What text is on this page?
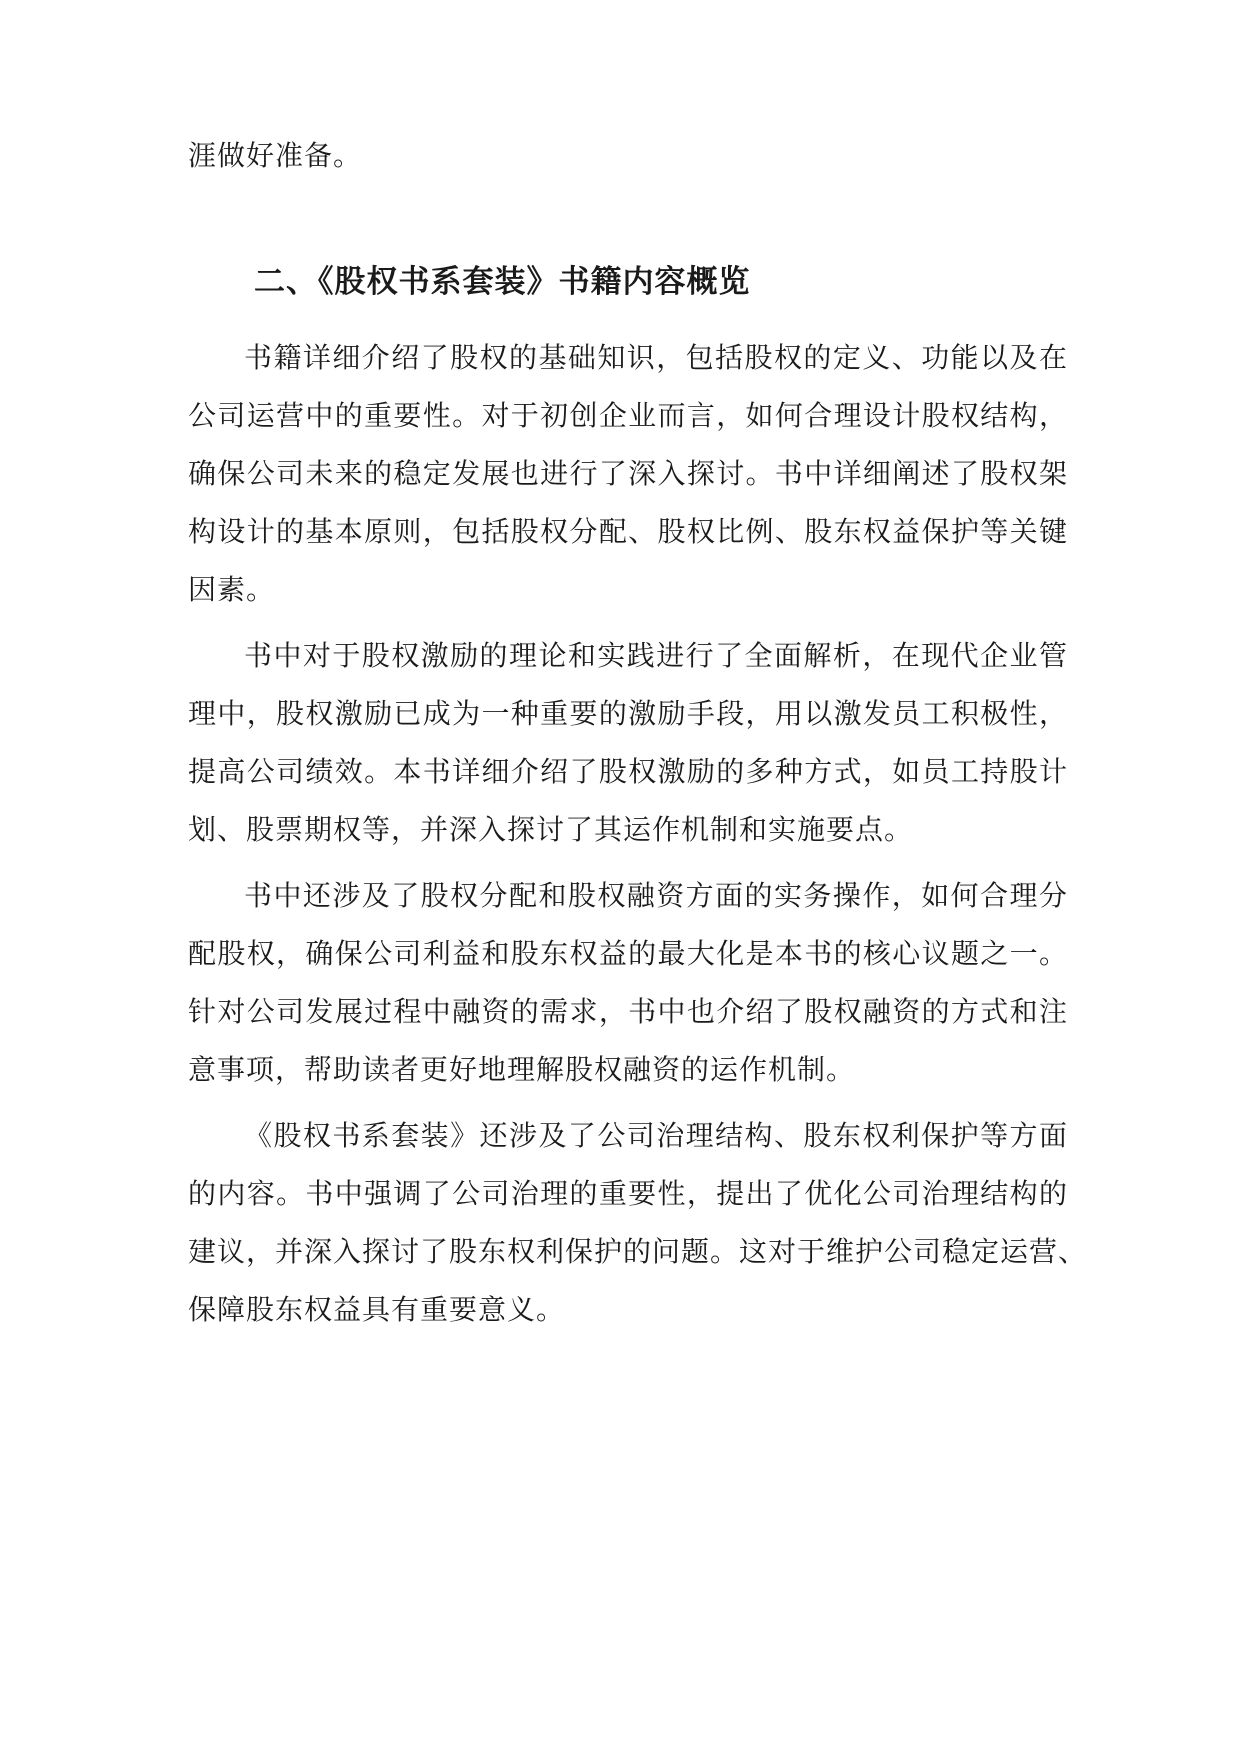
涯做好准备。
二、《股权书系套装》书籍内容概览
书籍详细介绍了股权的基础知识，包括股权的定义、功能以及在
公司运营中的重要性。对于初创企业而言，如何合理设计股权结构，
确保公司未来的稳定发展也进行了深入探讨。书中详细阐述了股权架
构设计的基本原则，包括股权分配、股权比例、股东权益保护等关键
因素。
书中对于股权激励的理论和实践进行了全面解析，在现代企业管
理中，股权激励已成为一种重要的激励手段，用以激发员工积极性，
提高公司绩效。本书详细介绍了股权激励的多种方式，如员工持股计
划、股票期权等，并深入探讨了其运作机制和实施要点。
书中还涉及了股权分配和股权融资方面的实务操作，如何合理分
配股权，确保公司利益和股东权益的最大化是本书的核心议题之一。
针对公司发展过程中融资的需求，书中也介绍了股权融资的方式和注
意事项，帮助读者更好地理解股权融资的运作机制。
《股权书系套装》还涉及了公司治理结构、股东权利保护等方面
的内容。书中强调了公司治理的重要性，提出了优化公司治理结构的
建议，并深入探讨了股东权利保护的问题。这对于维护公司稳定运营、
保障股东权益具有重要意义。
